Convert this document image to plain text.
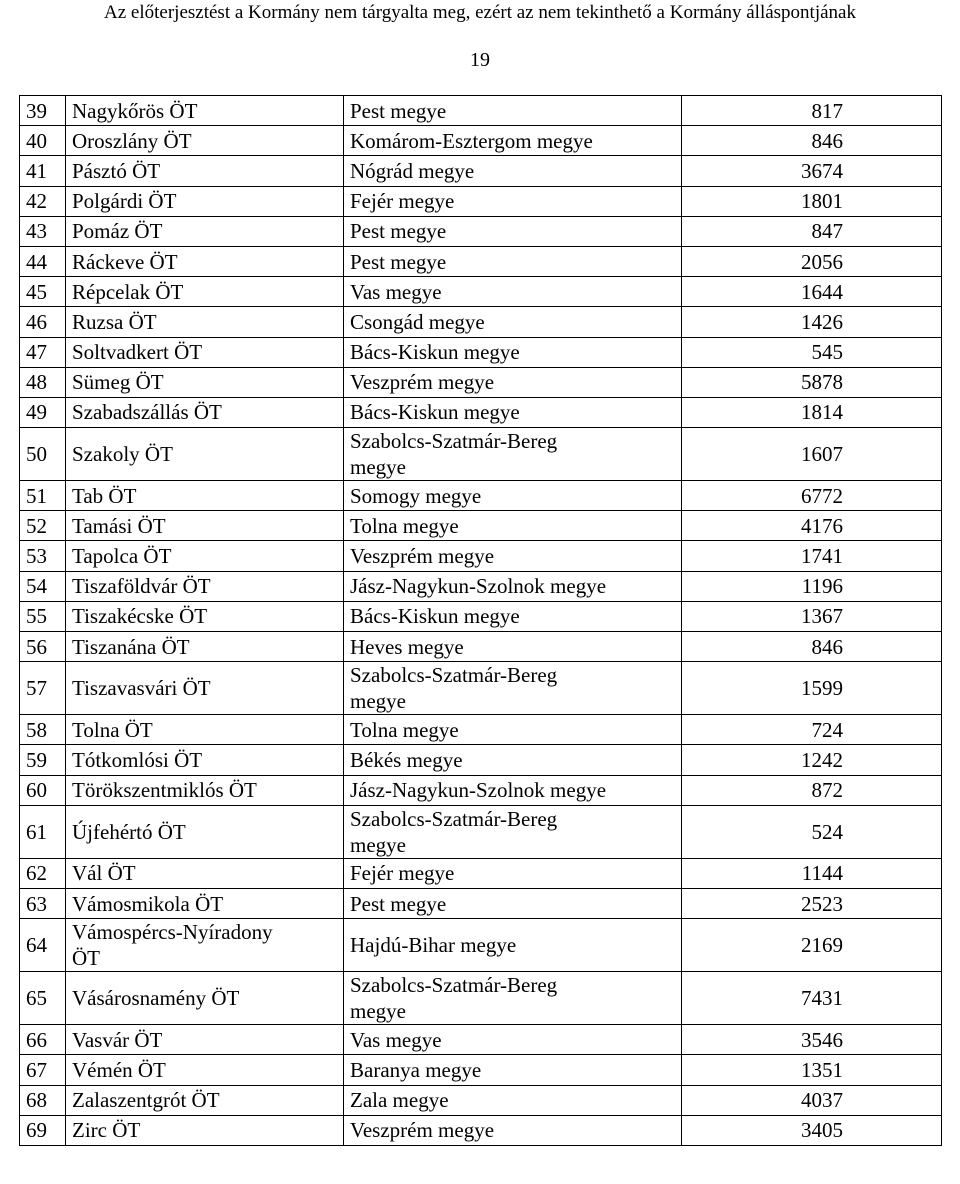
Az előterjesztést a Kormány nem tárgyalta meg, ezért az nem tekinthető a Kormány álláspontjának
19
39	Nagykőrös ÖT	Pest megye	817
40	Oroszlány ÖT	Komárom-Esztergom megye	846
41	Pásztó ÖT	Nógrád megye	3674
42	Polgárdi ÖT	Fejér megye	1801
43	Pomáz ÖT	Pest megye	847
44	Ráckeve ÖT	Pest megye	2056
45	Répcelak ÖT	Vas megye	1644
46	Ruzsa ÖT	Csongád megye	1426
47	Soltvadkert ÖT	Bács-Kiskun megye	545
48	Sümeg ÖT	Veszprém megye	5878
49	Szabadszállás ÖT	Bács-Kiskun megye	1814
50	Szakoly ÖT	Szabolcs-Szatmár-Bereg
megye	1607
51	Tab ÖT	Somogy megye	6772
52	Tamási ÖT	Tolna megye	4176
53	Tapolca ÖT	Veszprém megye	1741
54	Tiszaföldvár ÖT	Jász-Nagykun-Szolnok megye	1196
55	Tiszakécske ÖT	Bács-Kiskun megye	1367
56	Tiszanána ÖT	Heves megye	846
57	Tiszavasvári ÖT	Szabolcs-Szatmár-Bereg
megye	1599
58	Tolna ÖT	Tolna megye	724
59	Tótkomlósi ÖT	Békés megye	1242
60	Törökszentmiklós ÖT	Jász-Nagykun-Szolnok megye	872
61	Újfehértó ÖT	Szabolcs-Szatmár-Bereg
megye	524
62	Vál ÖT	Fejér megye	1144
63	Vámosmikola ÖT	Pest megye	2523
64	Vámospércs-Nyíradony
ÖT	Hajdú-Bihar megye	2169
65	Vásárosnamény ÖT	Szabolcs-Szatmár-Bereg
megye	7431
66	Vasvár ÖT	Vas megye	3546
67	Vémén ÖT	Baranya megye	1351
68	Zalaszentgrót ÖT	Zala megye	4037
69	Zirc ÖT	Veszprém megye	3405
